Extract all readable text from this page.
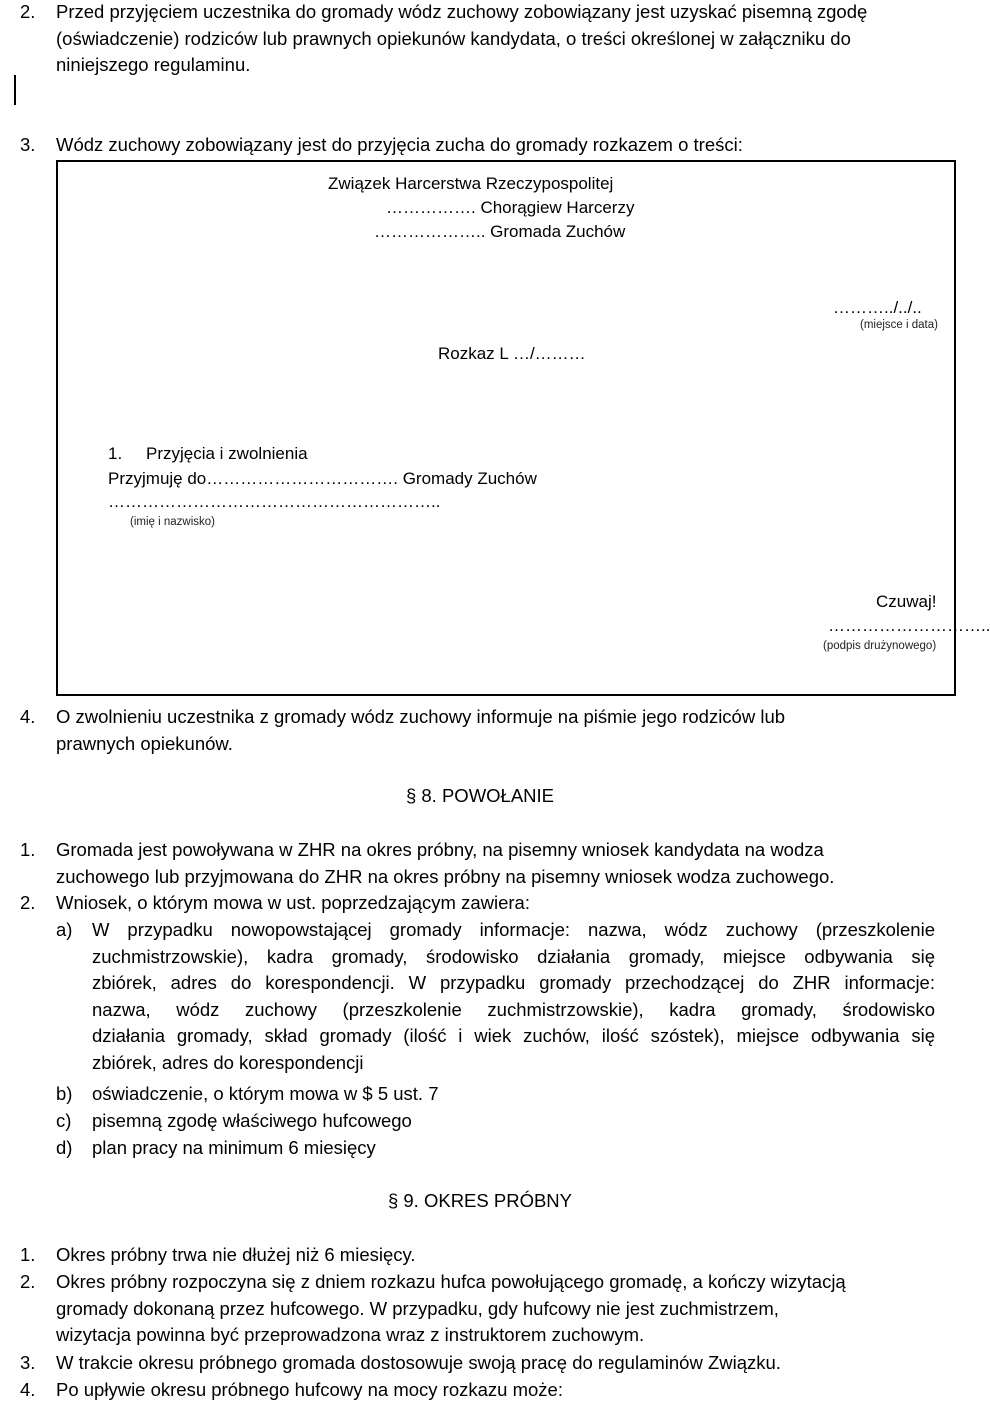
2. Przed przyjęciem uczestnika do gromady wódz zuchowy zobowiązany jest uzyskać pisemną zgodę
(oświadczenie) rodziców lub prawnych opiekunów kandydata, o treści określonej w załączniku do
niniejszego regulaminu.
3. Wódz zuchowy zobowiązany jest do przyjęcia zucha do gromady rozkazem o treści:
Związek Harcerstwa Rzeczypospolitej
……………. Chorągiew Harcerzy
……………….. Gromada Zuchów
………../../..
(miejsce i data)
Rozkaz L …/………
1. Przyjęcia i zwolnienia
Przyjmuję do……………………………. Gromady Zuchów
…………………………………………………..
(imię i nazwisko)
Czuwaj!
………………………..
(podpis drużynowego)
4. O zwolnieniu uczestnika z gromady wódz zuchowy informuje na piśmie jego rodziców lub
prawnych opiekunów.
§ 8. POWOŁANIE
1. Gromada jest powoływana w ZHR na okres próbny, na pisemny wniosek kandydata na wodza
zuchowego lub przyjmowana do ZHR na okres próbny na pisemny wniosek wodza zuchowego.
2. Wniosek, o którym mowa w ust. poprzedzającym zawiera:
a) W przypadku nowopowstającej gromady informacje: nazwa, wódz zuchowy (przeszkolenie
zuchmistrzowskie), kadra gromady, środowisko działania gromady, miejsce odbywania się
zbiórek, adres do korespondencji. W przypadku gromady przechodzącej do ZHR informacje:
nazwa, wódz zuchowy (przeszkolenie zuchmistrzowskie), kadra gromady, środowisko
działania gromady, skład gromady (ilość i wiek zuchów, ilość szóstek), miejsce odbywania się
zbiórek, adres do korespondencji
b) oświadczenie, o którym mowa w $ 5 ust. 7
c) pisemną zgodę właściwego hufcowego
d) plan pracy na minimum 6 miesięcy
§ 9. OKRES PRÓBNY
1. Okres próbny trwa nie dłużej niż 6 miesięcy.
2. Okres próbny rozpoczyna się z dniem rozkazu hufca powołującego gromadę, a kończy wizytacją
gromady dokonaną przez hufcowego. W przypadku, gdy hufcowy nie jest zuchmistrzem,
wizytacja powinna być przeprowadzona wraz z instruktorem zuchowym.
3. W trakcie okresu próbnego gromada dostosowuje swoją pracę do regulaminów Związku.
4. Po upływie okresu próbnego hufcowy na mocy rozkazu może:
